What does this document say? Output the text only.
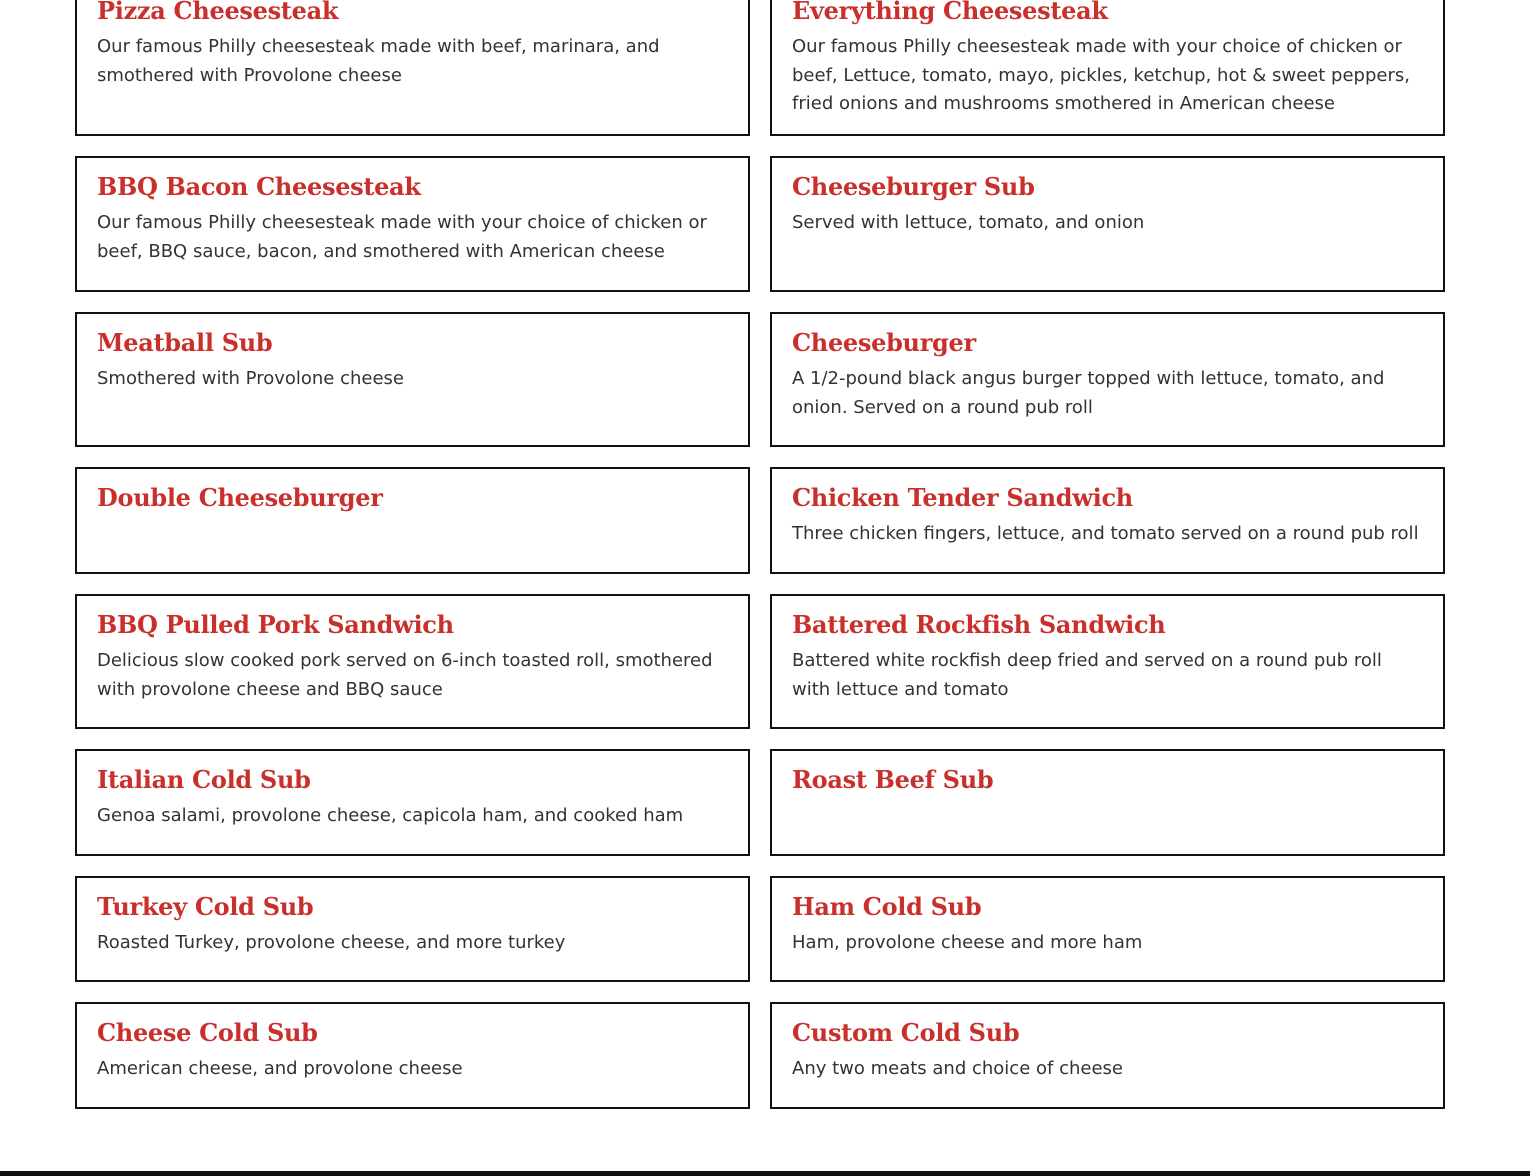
Pizza Cheesesteak

Our famous Philly cheesesteak made with beef, marinara, and smothered with Provolone cheese

Everything Cheesesteak

Our famous Philly cheesesteak made with your choice of chicken or beef, Lettuce, tomato, mayo, pickles, ketchup, hot & sweet peppers, fried onions and mushrooms smothered in American cheese

BBQ Bacon Cheesesteak

Our famous Philly cheesesteak made with your choice of chicken or beef, BBQ sauce, bacon, and smothered with American cheese

Cheeseburger Sub

Served with lettuce, tomato, and onion

Meatball Sub

Smothered with Provolone cheese

Cheeseburger

A 1/2-pound black angus burger topped with lettuce, tomato, and onion. Served on a round pub roll

Double Cheeseburger	Chicken Tender Sandwich

Three chicken fingers, lettuce, and tomato served on a round pub roll

BBQ Pulled Pork Sandwich

Delicious slow cooked pork served on 6-inch toasted roll, smothered with provolone cheese and BBQ sauce

Battered Rockfish Sandwich

Battered white rockfish deep fried and served on a round pub roll with lettuce and tomato

Italian Cold Sub

Genoa salami, provolone cheese, capicola ham, and cooked ham

Roast Beef Sub

Turkey Cold Sub

Roasted Turkey, provolone cheese, and more turkey

Ham Cold Sub

Ham, provolone cheese and more ham

Cheese Cold Sub

American cheese, and provolone cheese

Custom Cold Sub

Any two meats and choice of cheese
